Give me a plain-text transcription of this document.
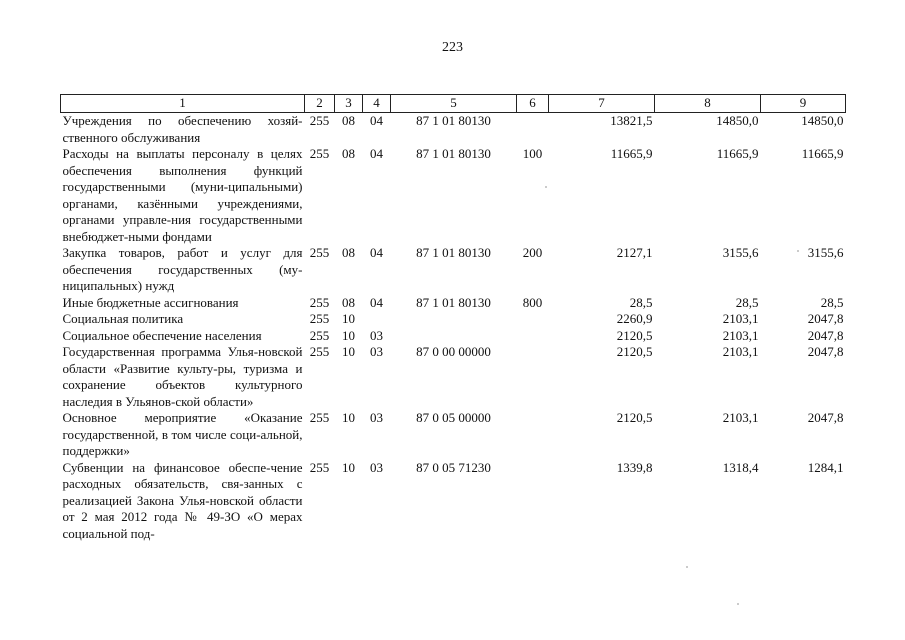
223
1	2	3	4	5	6	7	8	9
Учреждения по обеспечению хозяй-ственного обслуживания	255	08	04	87 1 01 80130		13821,5	14850,0	14850,0
Расходы на выплаты персоналу в целях обеспечения выполнения функций государственными (муни-ципальными) органами, казёнными учреждениями, органами управле-ния государственными внебюджет-ными фондами	255	08	04	87 1 01 80130	100	11665,9	11665,9	11665,9
Закупка товаров, работ и услуг для обеспечения государственных (му-ниципальных) нужд	255	08	04	87 1 01 80130	200	2127,1	3155,6	3155,6
Иные бюджетные ассигнования	255	08	04	87 1 01 80130	800	28,5	28,5	28,5
Социальная политика	255	10				2260,9	2103,1	2047,8
Социальное обеспечение населения	255	10	03			2120,5	2103,1	2047,8
Государственная программа Улья-новской области «Развитие культу-ры, туризма и сохранение объектов культурного наследия в Ульянов-ской области»	255	10	03	87 0 00 00000		2120,5	2103,1	2047,8
Основное мероприятие «Оказание государственной, в том числе соци-альной, поддержки»	255	10	03	87 0 05 00000		2120,5	2103,1	2047,8
Субвенции на финансовое обеспе-чение расходных обязательств, свя-занных с реализацией Закона Улья-новской области от 2 мая 2012 года № 49-ЗО «О мерах социальной под-	255	10	03	87 0 05 71230		1339,8	1318,4	1284,1
